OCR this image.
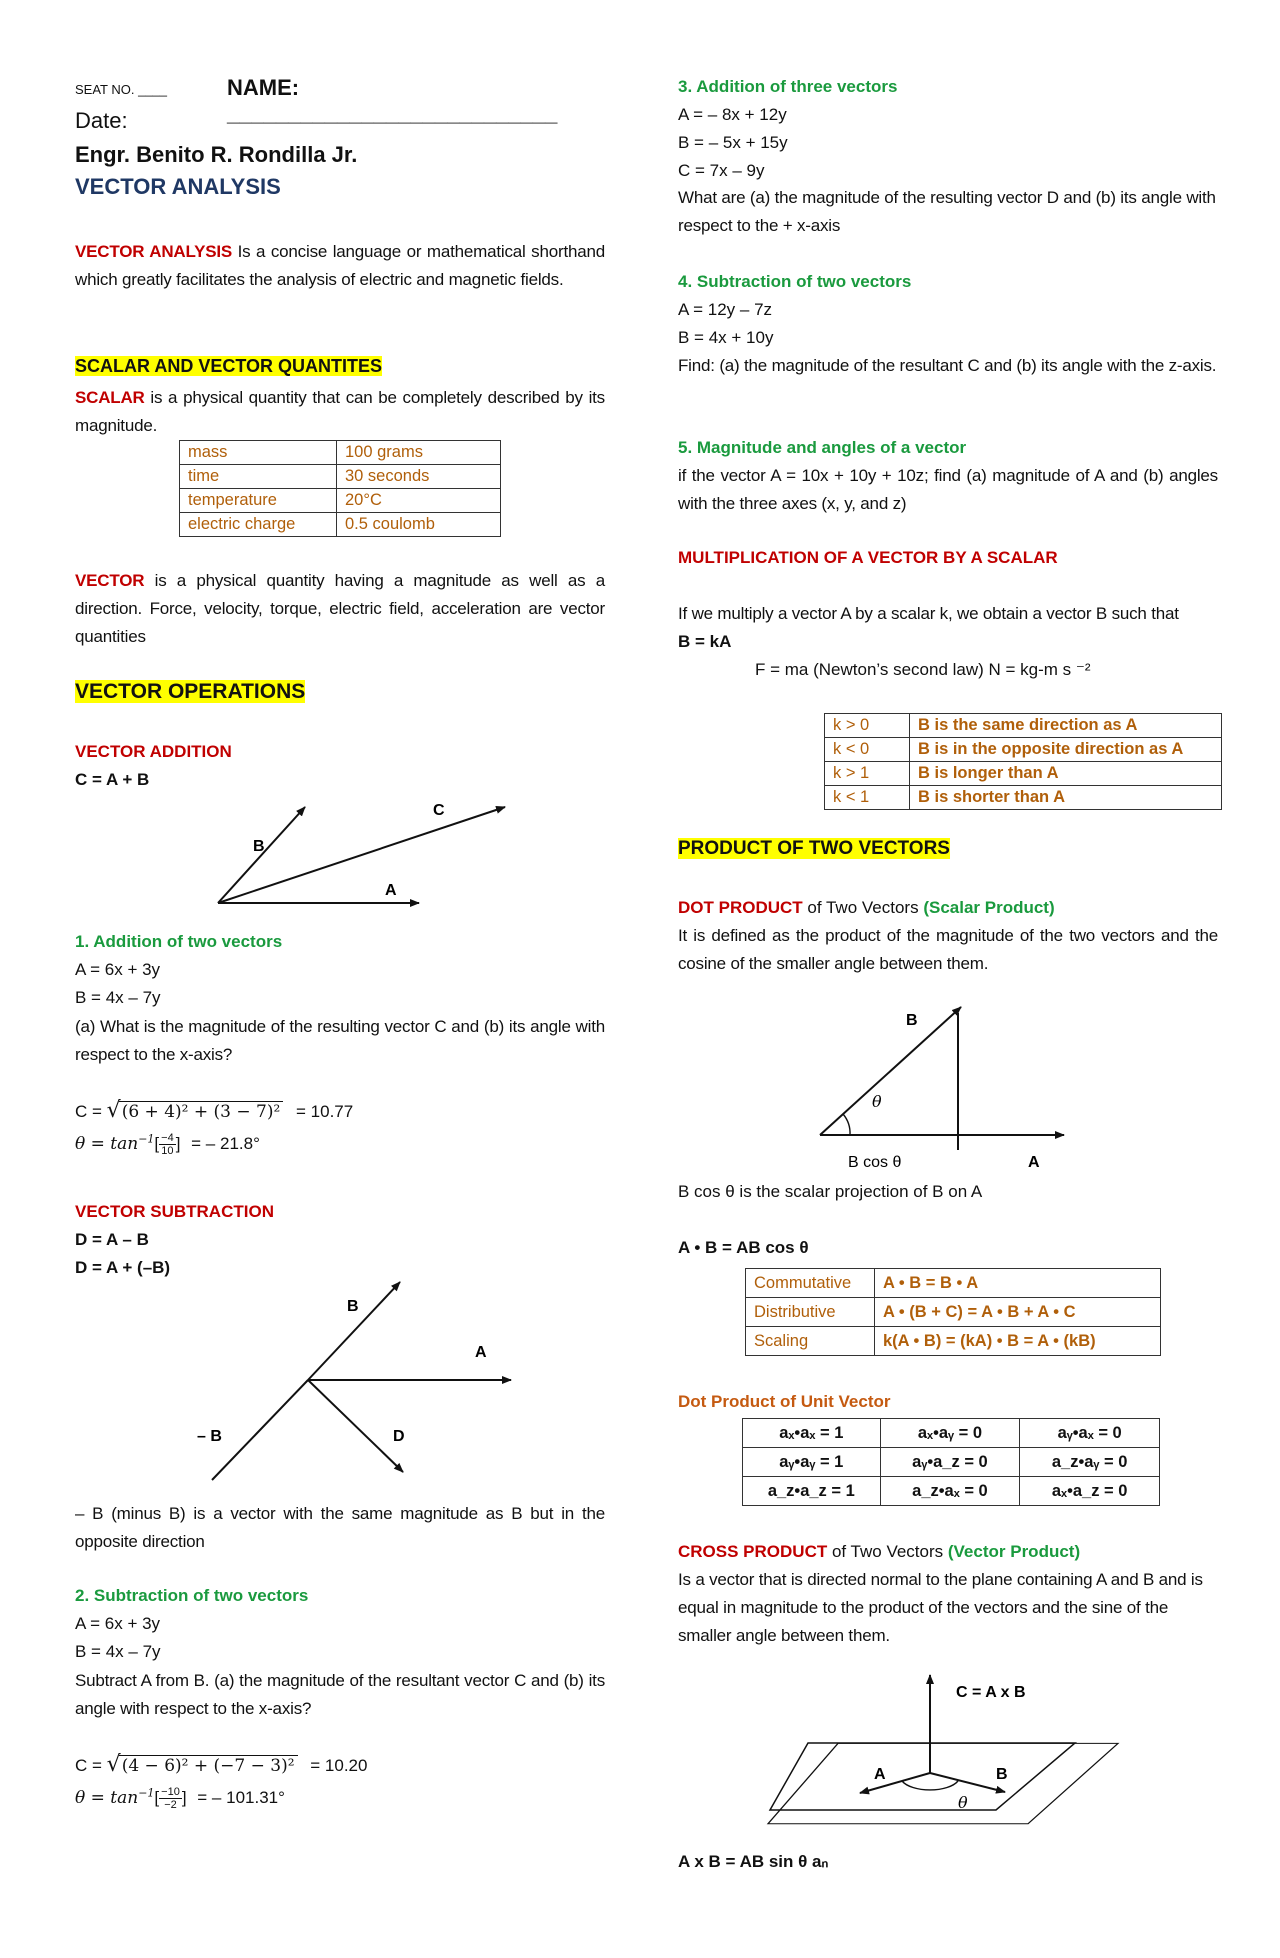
SEAT NO. ____	NAME: ___________________________
Date:
Engr. Benito R. Rondilla Jr.
VECTOR ANALYSIS
VECTOR ANALYSIS Is a concise language or mathematical shorthand which greatly facilitates the analysis of electric and magnetic fields.
SCALAR AND VECTOR QUANTITES
SCALAR is a physical quantity that can be completely described by its magnitude.
mass	100 grams
time	30 seconds
temperature	20°C
electric charge	0.5 coulomb
VECTOR is a physical quantity having a magnitude as well as a direction. Force, velocity, torque, electric field, acceleration are vector quantities
VECTOR OPERATIONS
VECTOR ADDITION
C = A + B
B
C
A
1. Addition of two vectors
A = 6x + 3y
B = 4x – 7y
(a) What is the magnitude of the resulting vector C and (b) its angle with respect to the x-axis?
C = √(6 + 4)² + (3 − 7)² = 10.77
$\theta = \tan^{-1}[ \frac{-4}{10}$ ] = – 21.8°
VECTOR SUBTRACTION
D = A – B
D = A + (–B)
B
A
– B	D
– B (minus B) is a vector with the same magnitude as B but in the opposite direction
2. Subtraction of two vectors
A = 6x + 3y
B = 4x – 7y
Subtract A from B. (a) the magnitude of the resultant vector C and (b) its angle with respect to the x-axis?
C = √(4 − 6)² + (−7 − 3)² = 10.20
$\theta = \tan^{-1}[ \frac{-10}{-2}$ ] = – 101.31°
3. Addition of three vectors
A = – 8x + 12y
B = – 5x + 15y
C = 7x – 9y
What are (a) the magnitude of the resulting vector D and (b) its angle with respect to the + x-axis
4. Subtraction of two vectors
A = 12y – 7z
B = 4x + 10y
Find: (a) the magnitude of the resultant C and (b) its angle with the z-axis.
5. Magnitude and angles of a vector
if the vector A = 10x + 10y + 10z; find (a) magnitude of A and (b) angles with the three axes (x, y, and z)
MULTIPLICATION OF A VECTOR BY A SCALAR
If we multiply a vector A by a scalar k, we obtain a vector B such that
B = kA
F = ma (Newton’s second law) N = kg-m s ⁻²
k > 0	B is the same direction as A
k < 0	B is in the opposite direction as A
k > 1	B is longer than A
k < 1	B is shorter than A
PRODUCT OF TWO VECTORS
DOT PRODUCT of Two Vectors (Scalar Product)
It is defined as the product of the magnitude of the two vectors and the cosine of the smaller angle between them.
B
θ
B cos θ	A
B cos θ is the scalar projection of B on A
A • B = AB cos θ
Commutative	A • B = B • A
Distributive	A • (B + C) = A • B + A • C
Scaling	k(A • B) = (kA) • B = A • (kB)
Dot Product of Unit Vector
aₓ•aₓ = 1	aₓ•aᵧ = 0	aᵧ•aₓ = 0
aᵧ•aᵧ = 1	aᵧ•a_z = 0	a_z•aᵧ = 0
a_z•a_z = 1	a_z•aₓ = 0	aₓ•a_z = 0
CROSS PRODUCT of Two Vectors (Vector Product)
Is a vector that is directed normal to the plane containing A and B and is equal in magnitude to the product of the vectors and the sine of the smaller angle between them.
C = A x B
A	B
θ
A x B = AB sin θ aₙ
